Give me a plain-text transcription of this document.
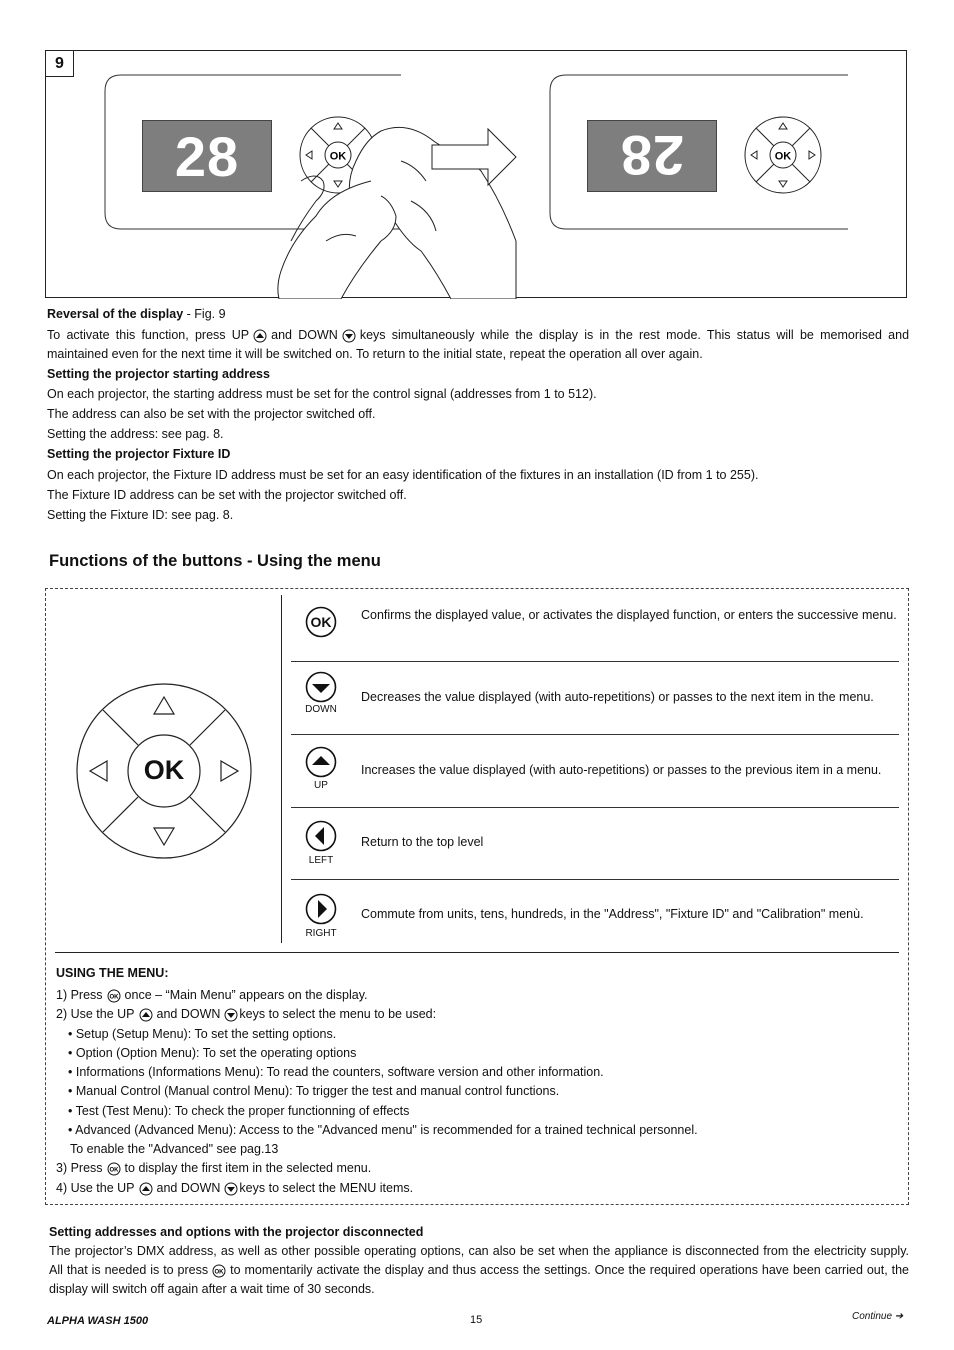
9
28	OK	28	OK

Reversal of the display - Fig. 9

To activate this function, press UP and DOWN keys simultaneously while the display is in the rest mode. This status will be memorised and maintained even for the next time it will be switched on. To return to the initial state, repeat the operation all over again.

Setting the projector starting address

On each projector, the starting address must be set for the control signal (addresses from 1 to 512).

The address can also be set with the projector switched off.

Setting the address: see pag. 8.

Setting the projector Fixture ID

On each projector, the Fixture ID address must be set for an easy identification of the fixtures in an installation (ID from 1 to 255).

The Fixture ID address can be set with the projector switched off.

Setting the Fixture ID: see pag. 8.

Functions of the buttons - Using the menu
OK
OK	Confirms the displayed value, or activates the displayed function, or enters the successive menu.
DOWN
Decreases the value displayed (with auto-repetitions) or passes to the next item in the menu.
UP
Increases the value displayed (with auto-repetitions) or passes to the previous item in a menu.
LEFT
Return to the top level
RIGHT
Commute from units, tens, hundreds, in the "Address", "Fixture ID" and "Calibration" menù.
USING THE MENU:
1) Press OK once – “Main Menu” appears on the display.
2) Use the UP and DOWN keys to select the menu to be used:
• Setup (Setup Menu): To set the setting options.
• Option (Option Menu): To set the operating options
• Informations (Informations Menu): To read the counters, software version and other information.
• Manual Control (Manual control Menu): To trigger the test and manual control functions.
• Test (Test Menu): To check the proper functionning of effects
• Advanced (Advanced Menu): Access to the "Advanced menu" is recommended for a trained technical personnel.
To enable the "Advanced" see pag.13
3) Press OK to display the first item in the selected menu.
4) Use the UP and DOWN keys to select the MENU items.

Setting addresses and options with the projector disconnected

The projector’s DMX address, as well as other possible operating options, can also be set when the appliance is disconnected from the electricity supply. All that is needed is to press OK to momentarily activate the display and thus access the settings. Once the required operations have been carried out, the display will switch off again after a wait time of 30 seconds.

ALPHA WASH 1500	15	Continue ➔
